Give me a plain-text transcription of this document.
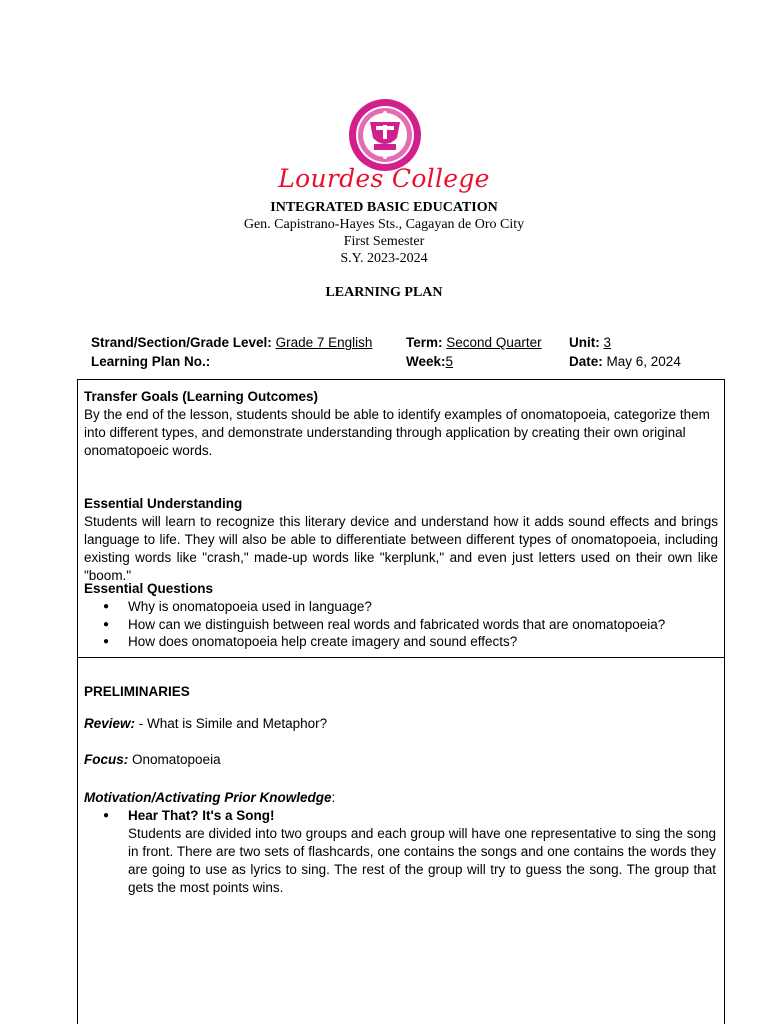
Lourdes College
INTEGRATED BASIC EDUCATION
Gen. Capistrano-Hayes Sts., Cagayan de Oro City
First Semester
S.Y. 2023-2024
LEARNING PLAN
Strand/Section/Grade Level: Grade 7 English
Learning Plan No.:
Term: Second Quarter
Week:5
Unit: 3
Date: May 6, 2024
Transfer Goals (Learning Outcomes)
By the end of the lesson, students should be able to identify examples of onomatopoeia, categorize them into different types, and demonstrate understanding through application by creating their own original onomatopoeic words.
Essential Understanding
Students will learn to recognize this literary device and understand how it adds sound effects and brings language to life. They will also be able to differentiate between different types of onomatopoeia, including existing words like "crash," made-up words like "kerplunk," and even just letters used on their own like "boom."
Essential Questions
● Why is onomatopoeia used in language?
● How can we distinguish between real words and fabricated words that are onomatopoeia?
● How does onomatopoeia help create imagery and sound effects?
PRELIMINARIES
Review: - What is Simile and Metaphor?
Focus: Onomatopoeia
Motivation/Activating Prior Knowledge:
● Hear That? It's a Song!
Students are divided into two groups and each group will have one representative to sing the song in front. There are two sets of flashcards, one contains the songs and one contains the words they are going to use as lyrics to sing. The rest of the group will try to guess the song. The group that gets the most points wins.
